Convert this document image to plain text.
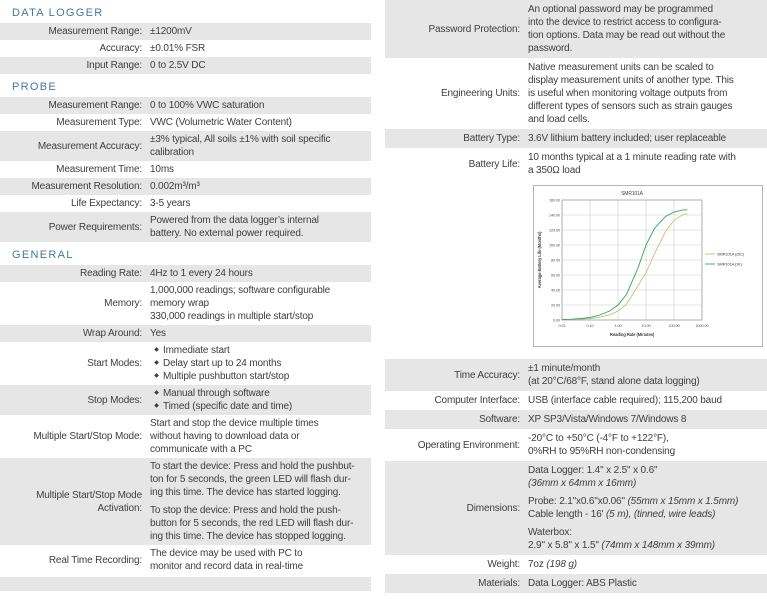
DATA LOGGER
Measurement Range: ±1200mV
Accuracy: ±0.01% FSR
Input Range: 0 to 2.5V DC
PROBE
Measurement Range: 0 to 100% VWC saturation
Measurement Type: VWC (Volumetric Water Content)
Measurement Accuracy:
±3% typical, All soils ±1% with soil specific
calibration
Measurement Time: 10ms
Measurement Resolution: 0.002m³/m³
Life Expectancy: 3-5 years
Power Requirements:
Powered from the data logger’s internal
battery. No external power required.
GENERAL
Reading Rate: 4Hz to 1 every 24 hours
Memory:
1,000,000 readings; software configurable
memory wrap
330,000 readings in multiple start/stop
Wrap Around: Yes
Start Modes:
◆ Immediate start
◆ Delay start up to 24 months
◆ Multiple pushbutton start/stop
Stop Modes:
◆ Manual through software
◆ Timed (specific date and time)
Multiple Start/Stop Mode:
Start and stop the device multiple times
without having to download data or
communicate with a PC
Multiple Start/Stop Mode Activation:
To start the device: Press and hold the pushbut-
ton for 5 seconds, the green LED will flash dur-
ing this time. The device has started logging.
To stop the device: Press and hold the push-
button for 5 seconds, the red LED will flash dur-
ing this time. The device has stopped logging.
Real Time Recording:
The device may be used with PC to
monitor and record data in real-time
Password Protection:
An optional password may be programmed
into the device to restrict access to configura-
tion options. Data may be read out without the
password.
Engineering Units:
Native measurement units can be scaled to
display measurement units of another type. This
is useful when monitoring voltage outputs from
different types of sensors such as strain gauges
and load cells.
Battery Type: 3.6V lithium battery included; user replaceable
Battery Life:
10 months typical at a 1 minute reading rate with
a 350Ω load
0.01	0.10	1.00	10.00	100.00	1000.00
0.00
20.00
40.00
60.00
80.00
100.00
120.00
140.00
160.00
SMR101A (25C)
SMR101A (1K)
SMR101A
Reading Rate (Minutes)
Average Battery Life (Months)
Time Accuracy:
±1 minute/month
(at 20°C/68°F, stand alone data logging)
Computer Interface: USB (interface cable required); 115,200 baud
Software: XP SP3/Vista/Windows 7/Windows 8
Operating Environment:
-20°C to +50°C (-4°F to +122°F),
0%RH to 95%RH non-condensing
Dimensions:
Data Logger: 1.4" x 2.5" x 0.6"
(36mm x 64mm x 16mm)
Probe: 2.1"x0.6"x0.06" (55mm x 15mm x 1.5mm)
Cable length - 16' (5 m), (tinned, wire leads)
Waterbox:
2.9" x 5.8" x 1.5" (74mm x 148mm x 39mm)
Weight: 7oz (198 g)
Materials: Data Logger: ABS Plastic
